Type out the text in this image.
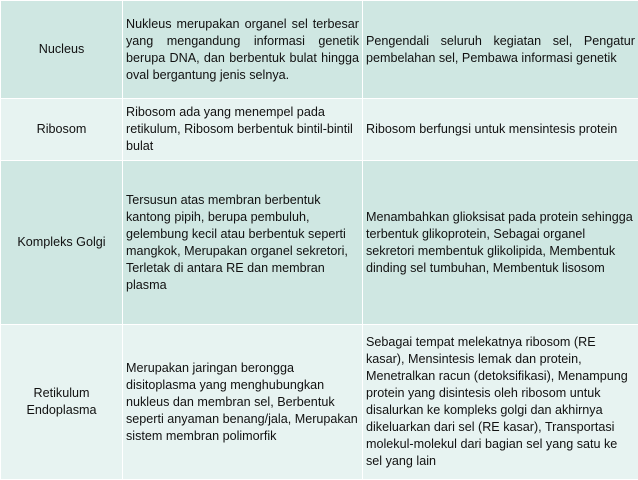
Nucleus	Nukleus merupakan organel sel terbesar yang mengandung informasi genetik berupa DNA, dan berbentuk bulat hingga oval bergantung jenis selnya.	Pengendali seluruh kegiatan sel, Pengatur pembelahan sel, Pembawa informasi genetik
Ribosom	Ribosom ada yang menempel pada retikulum, Ribosom berbentuk bintil-bintil bulat	Ribosom berfungsi untuk mensintesis protein
Kompleks Golgi	Tersusun atas membran berbentuk kantong pipih, berupa pembuluh, gelembung kecil atau berbentuk seperti mangkok, Merupakan organel sekretori, Terletak di antara RE dan membran plasma	Menambahkan glioksisat pada protein sehingga terbentuk glikoprotein, Sebagai organel sekretori membentuk glikolipida, Membentuk dinding sel tumbuhan, Membentuk lisosom
Retikulum Endoplasma	Merupakan jaringan berongga disitoplasma yang menghubungkan nukleus dan membran sel, Berbentuk seperti anyaman benang/jala, Merupakan sistem membran polimorfik	Sebagai tempat melekatnya ribosom (RE kasar), Mensintesis lemak dan protein, Menetralkan racun (detoksifikasi), Menampung protein yang disintesis oleh ribosom untuk disalurkan ke kompleks golgi dan akhirnya dikeluarkan dari sel (RE kasar), Transportasi molekul-molekul dari bagian sel yang satu ke sel yang lain
